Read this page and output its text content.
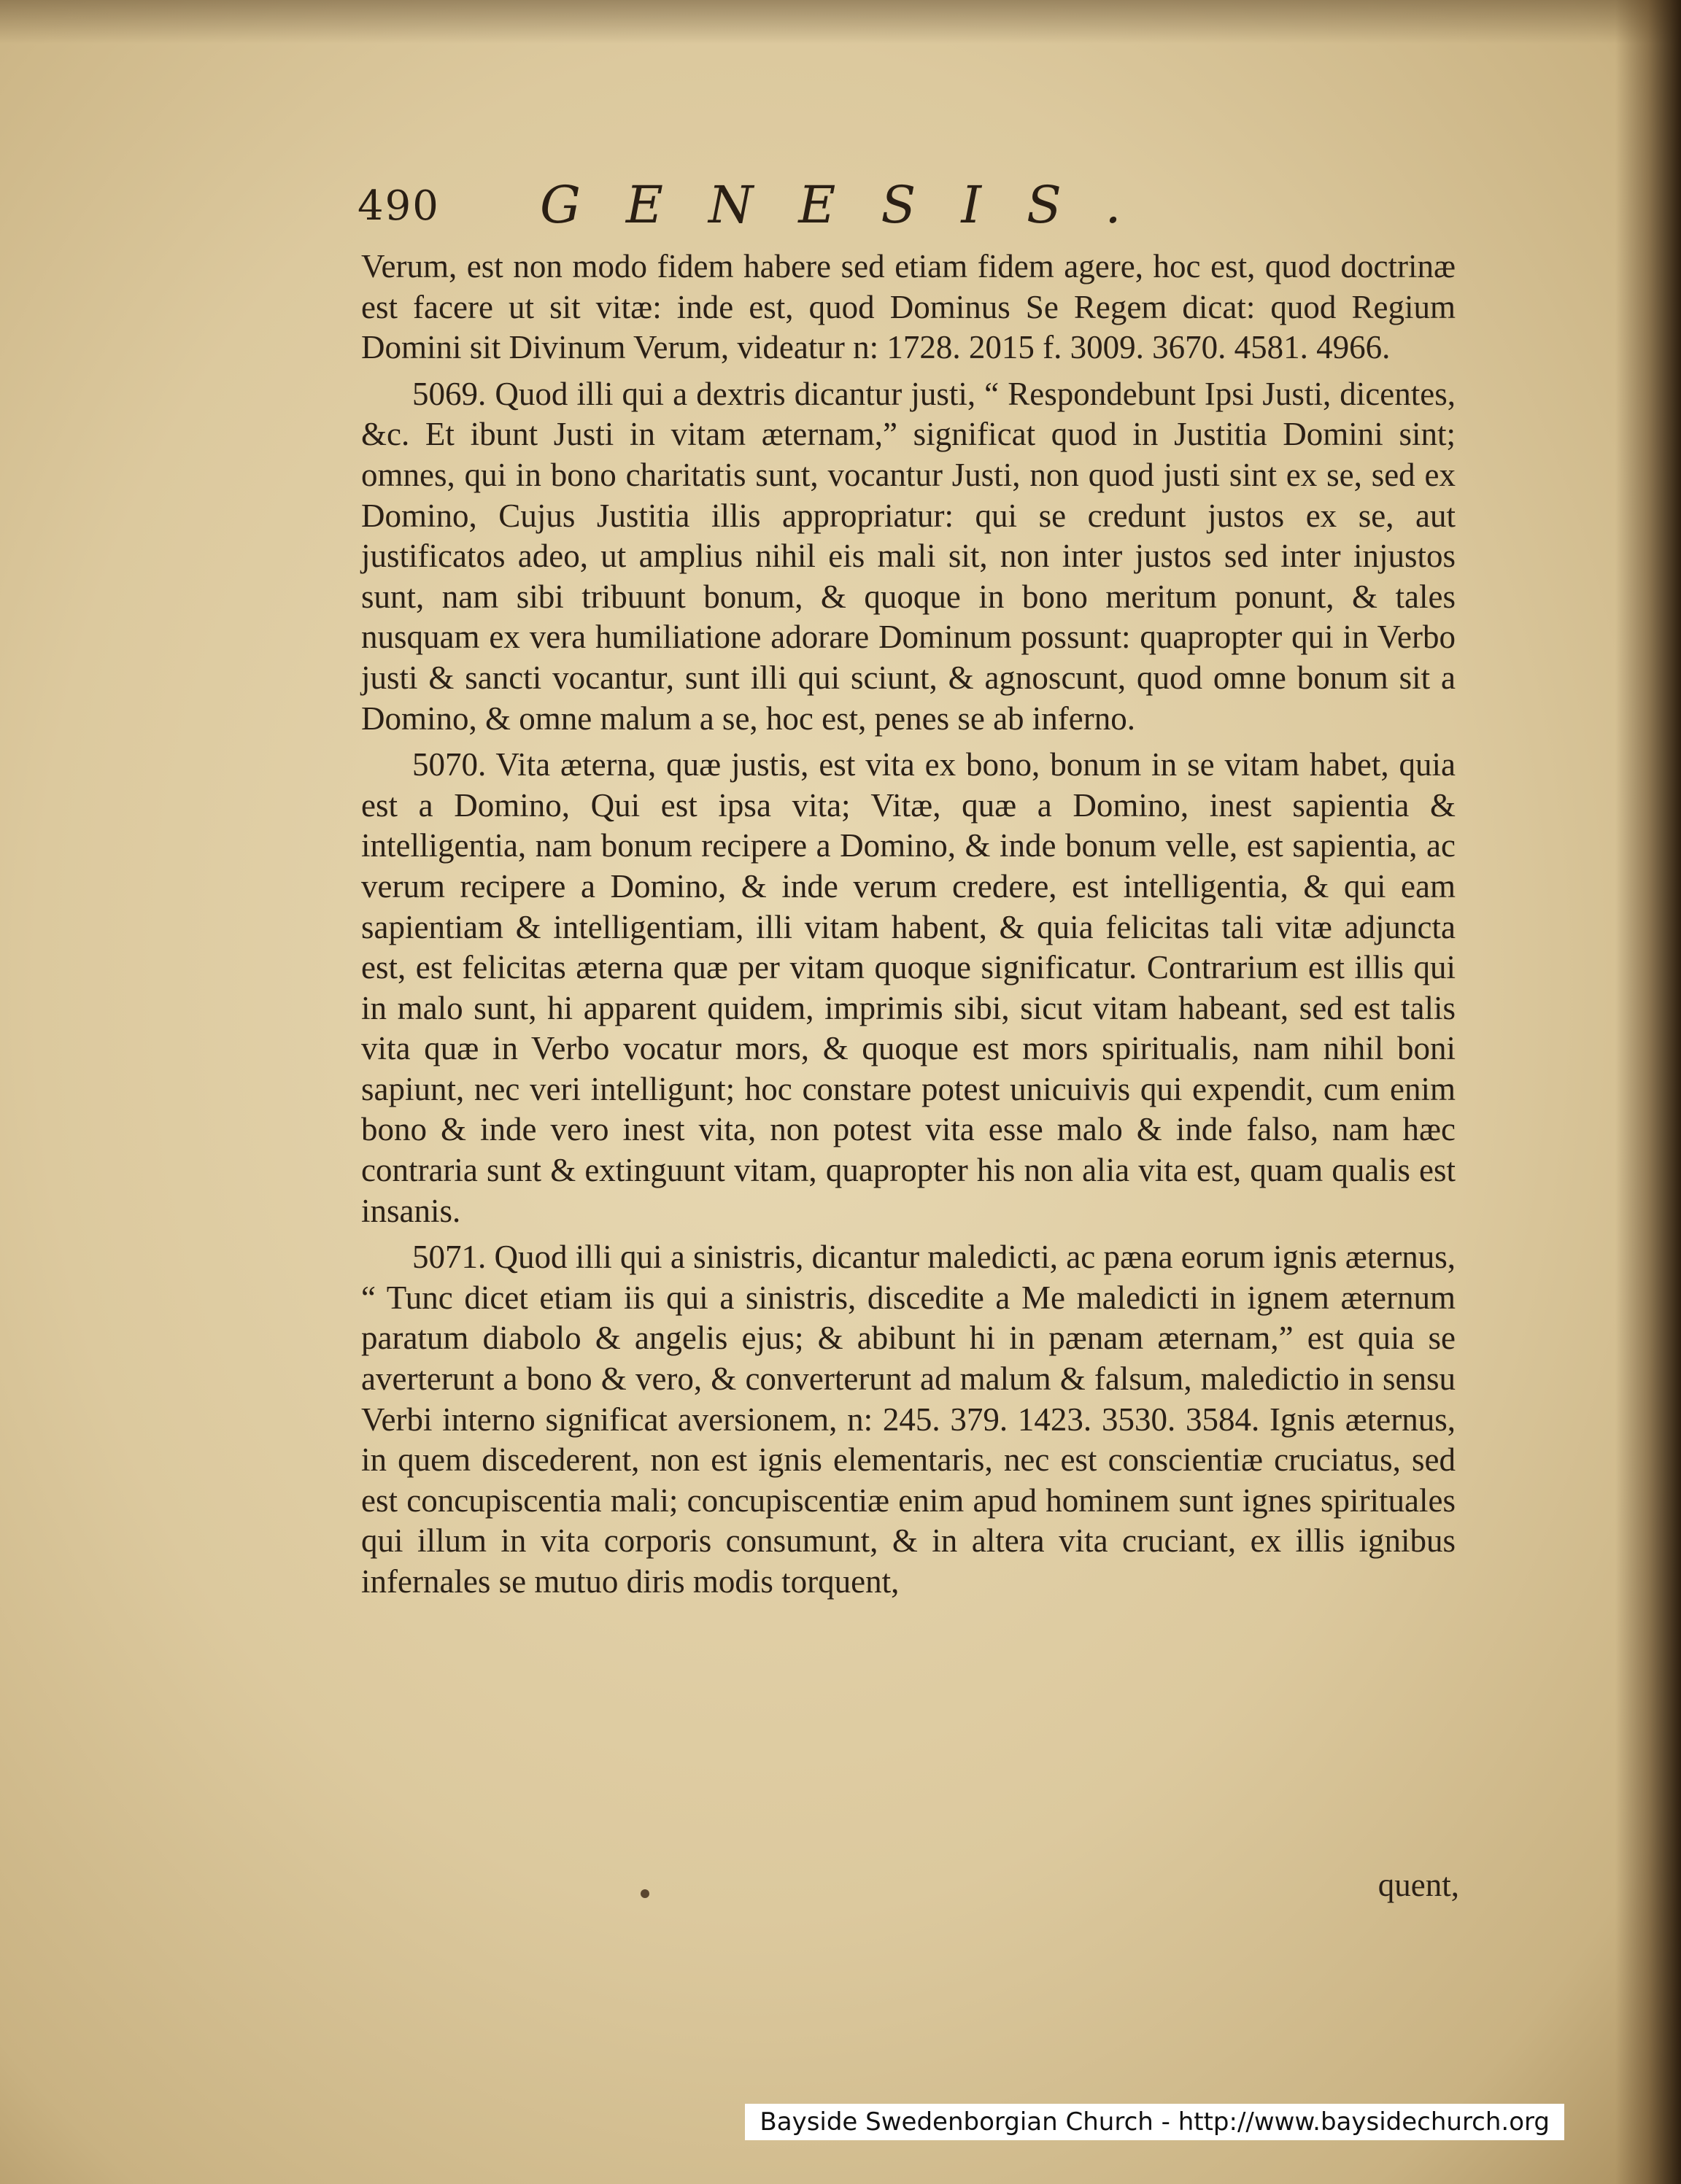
490 GENESIS.

Verum, est non modo fidem habere sed etiam fidem agere, hoc est, quod doctrinæ est facere ut sit vitæ: inde est, quod Dominus Se Regem dicat: quod Regium Domini sit Divinum Verum, videatur n: 1728. 2015 f. 3009. 3670. 4581. 4966.

5069. Quod illi qui a dextris dicantur justi, “ Respondebunt Ipsi Justi, dicentes, &c. Et ibunt Justi in vitam æternam,” significat quod in Justitia Domini sint; omnes, qui in bono charitatis sunt, vocantur Justi, non quod justi sint ex se, sed ex Domino, Cujus Justitia illis appropriatur: qui se credunt justos ex se, aut justificatos adeo, ut amplius nihil eis mali sit, non inter justos sed inter injustos sunt, nam sibi tribuunt bonum, & quoque in bono meritum ponunt, & tales nusquam ex vera humiliatione adorare Dominum possunt: quapropter qui in Verbo justi & sancti vocantur, sunt illi qui sciunt, & agnoscunt, quod omne bonum sit a Domino, & omne malum a se, hoc est, penes se ab inferno.

5070. Vita æterna, quæ justis, est vita ex bono, bonum in se vitam habet, quia est a Domino, Qui est ipsa vita; Vitæ, quæ a Domino, inest sapientia & intelligentia, nam bonum recipere a Domino, & inde bonum velle, est sapientia, ac verum recipere a Domino, & inde verum credere, est intelligentia, & qui eam sapientiam & intelligentiam, illi vitam habent, & quia felicitas tali vitæ adjuncta est, est felicitas æterna quæ per vitam quoque significatur. Contrarium est illis qui in malo sunt, hi apparent quidem, imprimis sibi, sicut vitam habeant, sed est talis vita quæ in Verbo vocatur mors, & quoque est mors spiritualis, nam nihil boni sapiunt, nec veri intelligunt; hoc constare potest unicuivis qui expendit, cum enim bono & inde vero inest vita, non potest vita esse malo & inde falso, nam hæc contraria sunt & extinguunt vitam, quapropter his non alia vita est, quam qualis est insanis.

5071. Quod illi qui a sinistris, dicantur maledicti, ac pæna eorum ignis æternus, “ Tunc dicet etiam iis qui a sinistris, discedite a Me maledicti in ignem æternum paratum diabolo & angelis ejus; & abibunt hi in pænam æternam,” est quia se averterunt a bono & vero, & converterunt ad malum & falsum, maledictio in sensu Verbi interno significat aversionem, n: 245. 379. 1423. 3530. 3584. Ignis æternus, in quem discederent, non est ignis elementaris, nec est conscientiæ cruciatus, sed est concupiscentia mali; concupiscentiæ enim apud hominem sunt ignes spirituales qui illum in vita corporis consumunt, & in altera vita cruciant, ex illis ignibus infernales se mutuo diris modis torquent,

quent,
Bayside Swedenborgian Church - http://www.baysidechurch.org
